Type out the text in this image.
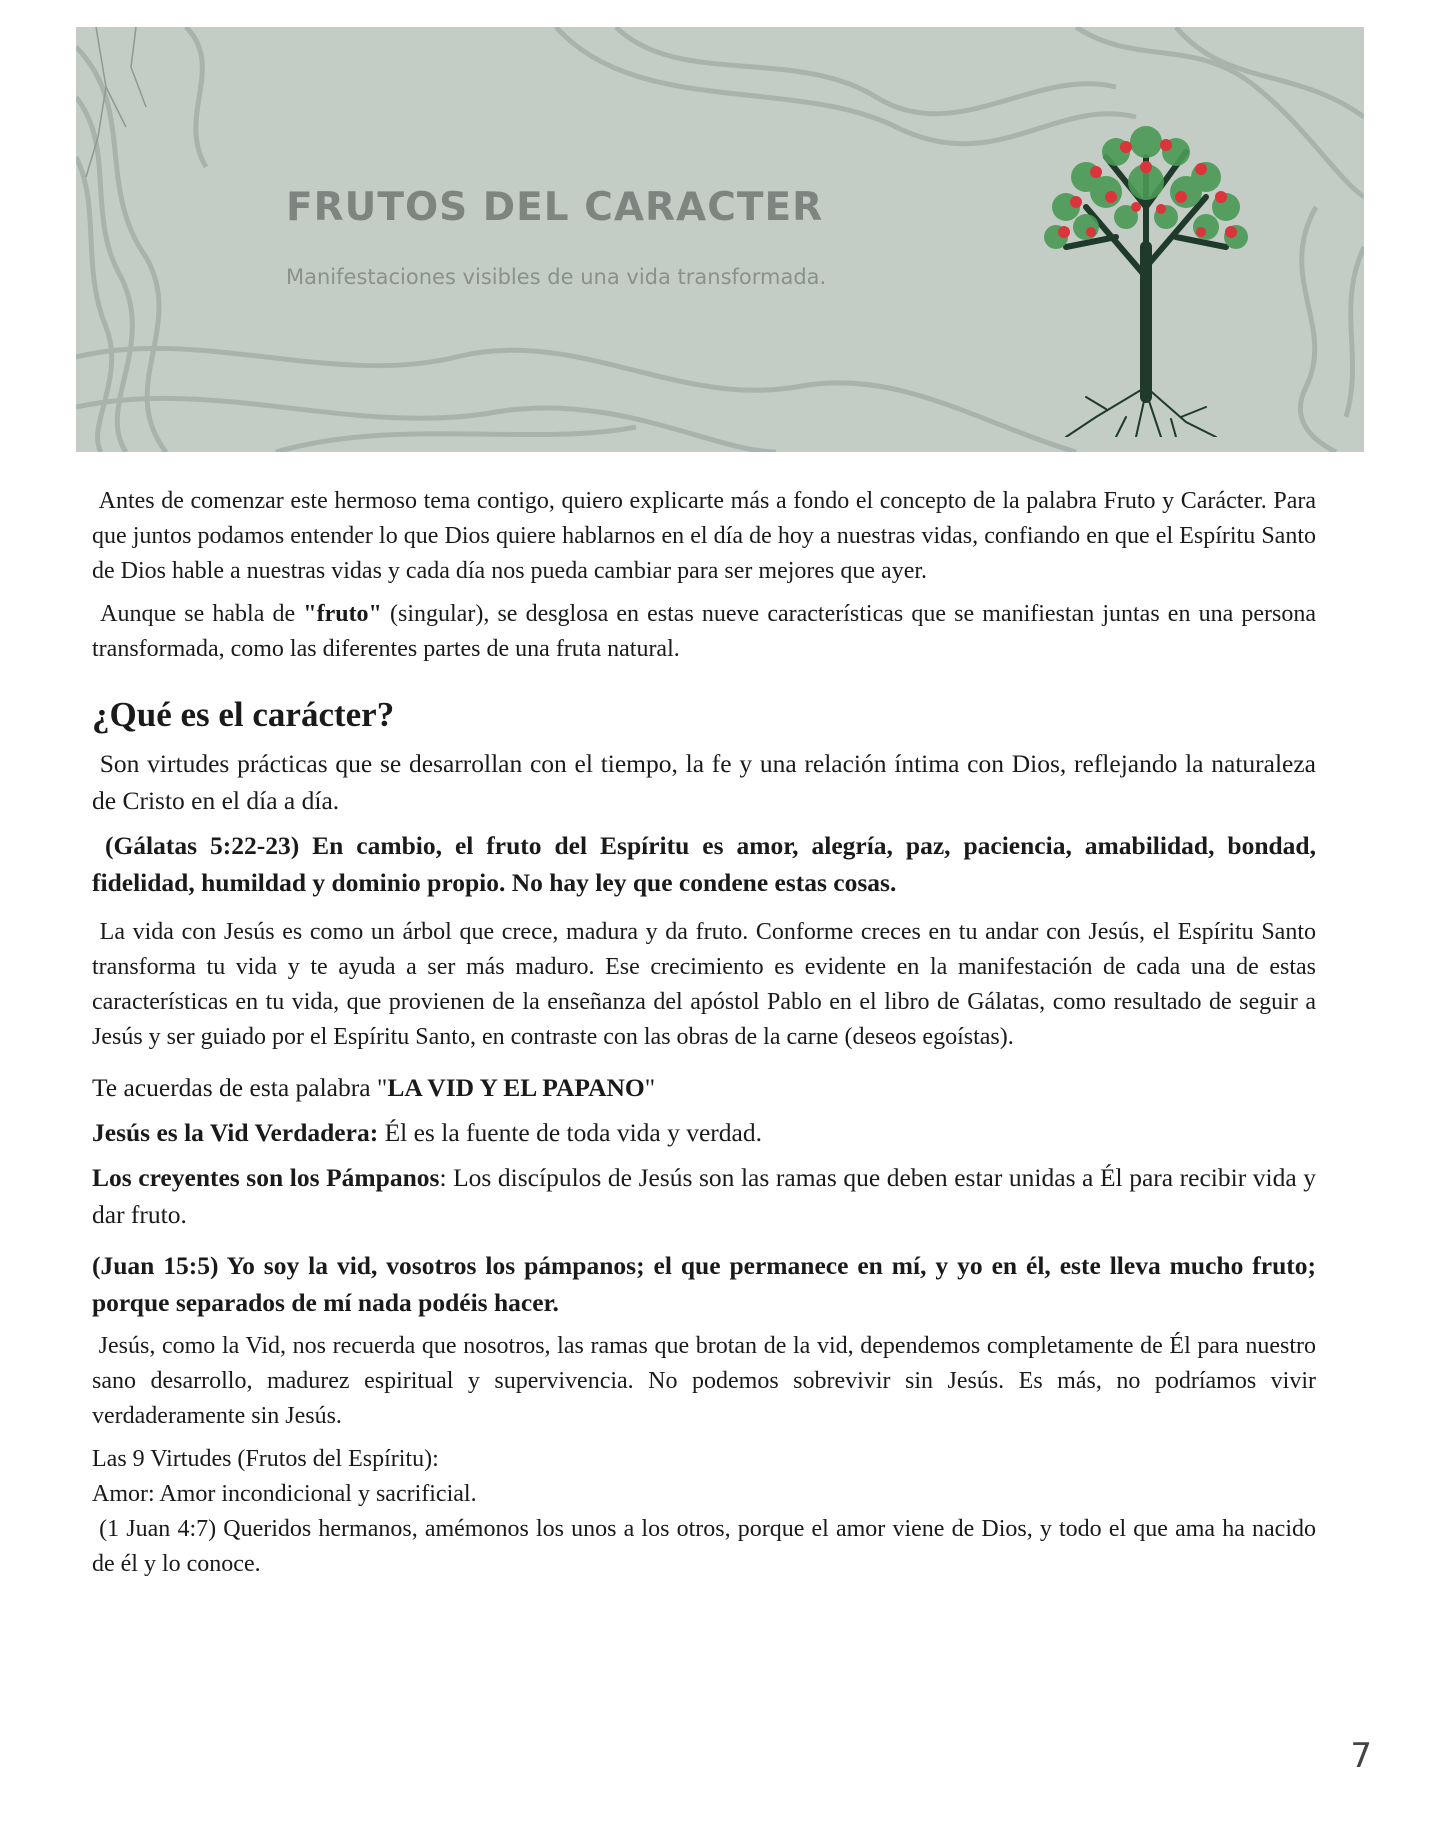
FRUTOS DEL CARACTER
Manifestaciones visibles de una vida transformada.

Antes de comenzar este hermoso tema contigo, quiero explicarte más a fondo el concepto de la palabra Fruto y Carácter. Para que juntos podamos entender lo que Dios quiere hablarnos en el día de hoy a nuestras vidas, confiando en que el Espíritu Santo de Dios hable a nuestras vidas y cada día nos pueda cambiar para ser mejores que ayer.

Aunque se habla de "fruto" (singular), se desglosa en estas nueve características que se manifiestan juntas en una persona transformada, como las diferentes partes de una fruta natural.

¿Qué es el carácter?

Son virtudes prácticas que se desarrollan con el tiempo, la fe y una relación íntima con Dios, reflejando la naturaleza de Cristo en el día a día.

(Gálatas 5:22-23) En cambio, el fruto del Espíritu es amor, alegría, paz, paciencia, amabilidad, bondad, fidelidad, humildad y dominio propio. No hay ley que condene estas cosas.

La vida con Jesús es como un árbol que crece, madura y da fruto. Conforme creces en tu andar con Jesús, el Espíritu Santo transforma tu vida y te ayuda a ser más maduro. Ese crecimiento es evidente en la manifestación de cada una de estas características en tu vida, que provienen de la enseñanza del apóstol Pablo en el libro de Gálatas, como resultado de seguir a Jesús y ser guiado por el Espíritu Santo, en contraste con las obras de la carne (deseos egoístas).

Te acuerdas de esta palabra "LA VID Y EL PAPANO"

Jesús es la Vid Verdadera: Él es la fuente de toda vida y verdad.

Los creyentes son los Pámpanos: Los discípulos de Jesús son las ramas que deben estar unidas a Él para recibir vida y dar fruto.

(Juan 15:5) Yo soy la vid, vosotros los pámpanos; el que permanece en mí, y yo en él, este lleva mucho fruto; porque separados de mí nada podéis hacer.

Jesús, como la Vid, nos recuerda que nosotros, las ramas que brotan de la vid, dependemos completamente de Él para nuestro sano desarrollo, madurez espiritual y supervivencia. No podemos sobrevivir sin Jesús. Es más, no podríamos vivir verdaderamente sin Jesús.

Las 9 Virtudes (Frutos del Espíritu):

Amor: Amor incondicional y sacrificial.

(1 Juan 4:7) Queridos hermanos, amémonos los unos a los otros, porque el amor viene de Dios, y todo el que ama ha nacido de él y lo conoce.

7
